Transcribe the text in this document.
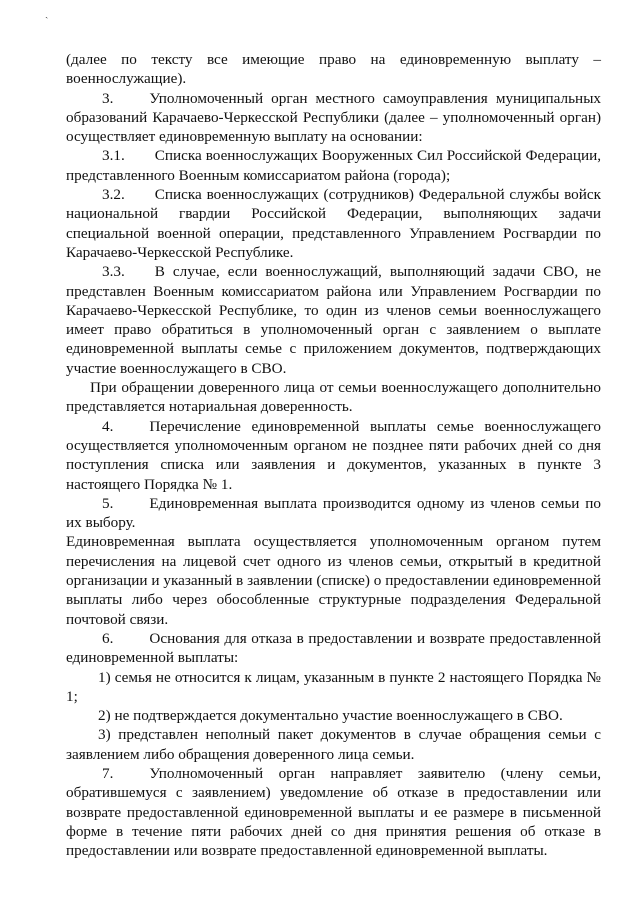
ˎ

(далее по тексту все имеющие право на единовременную выплату – военнослужащие).

3. Уполномоченный орган местного самоуправления муниципальных образований Карачаево-Черкесской Республики (далее – уполномоченный орган) осуществляет единовременную выплату на основании:

3.1. Списка военнослужащих Вооруженных Сил Российской Федерации, представленного Военным комиссариатом района (города);

3.2. Списка военнослужащих (сотрудников) Федеральной службы войск национальной гвардии Российской Федерации, выполняющих задачи специальной военной операции, представленного Управлением Росгвардии по Карачаево-Черкесской Республике.

3.3. В случае, если военнослужащий, выполняющий задачи СВО, не представлен Военным комиссариатом района или Управлением Росгвардии по Карачаево-Черкесской Республике, то один из членов семьи военнослужащего имеет право обратиться в уполномоченный орган с заявлением о выплате единовременной выплаты семье с приложением документов, подтверждающих участие военнослужащего в СВО.

При обращении доверенного лица от семьи военнослужащего дополнительно представляется нотариальная доверенность.

4. Перечисление единовременной выплаты семье военнослужащего осуществляется уполномоченным органом не позднее пяти рабочих дней со дня поступления списка или заявления и документов, указанных в пункте 3 настоящего Порядка № 1.

5. Единовременная выплата производится одному из членов семьи по их выбору.

Единовременная выплата осуществляется уполномоченным органом путем перечисления на лицевой счет одного из членов семьи, открытый в кредитной организации и указанный в заявлении (списке) о предоставлении единовременной выплаты либо через обособленные структурные подразделения Федеральной почтовой связи.

6. Основания для отказа в предоставлении и возврате предоставленной единовременной выплаты:

1) семья не относится к лицам, указанным в пункте 2 настоящего Порядка № 1;

2) не подтверждается документально участие военнослужащего в СВО.

3) представлен неполный пакет документов в случае обращения семьи с заявлением либо обращения доверенного лица семьи.

7. Уполномоченный орган направляет заявителю (члену семьи, обратившемуся с заявлением) уведомление об отказе в предоставлении или возврате предоставленной единовременной выплаты и ее размере в письменной форме в течение пяти рабочих дней со дня принятия решения об отказе в предоставлении или возврате предоставленной единовременной выплаты.
